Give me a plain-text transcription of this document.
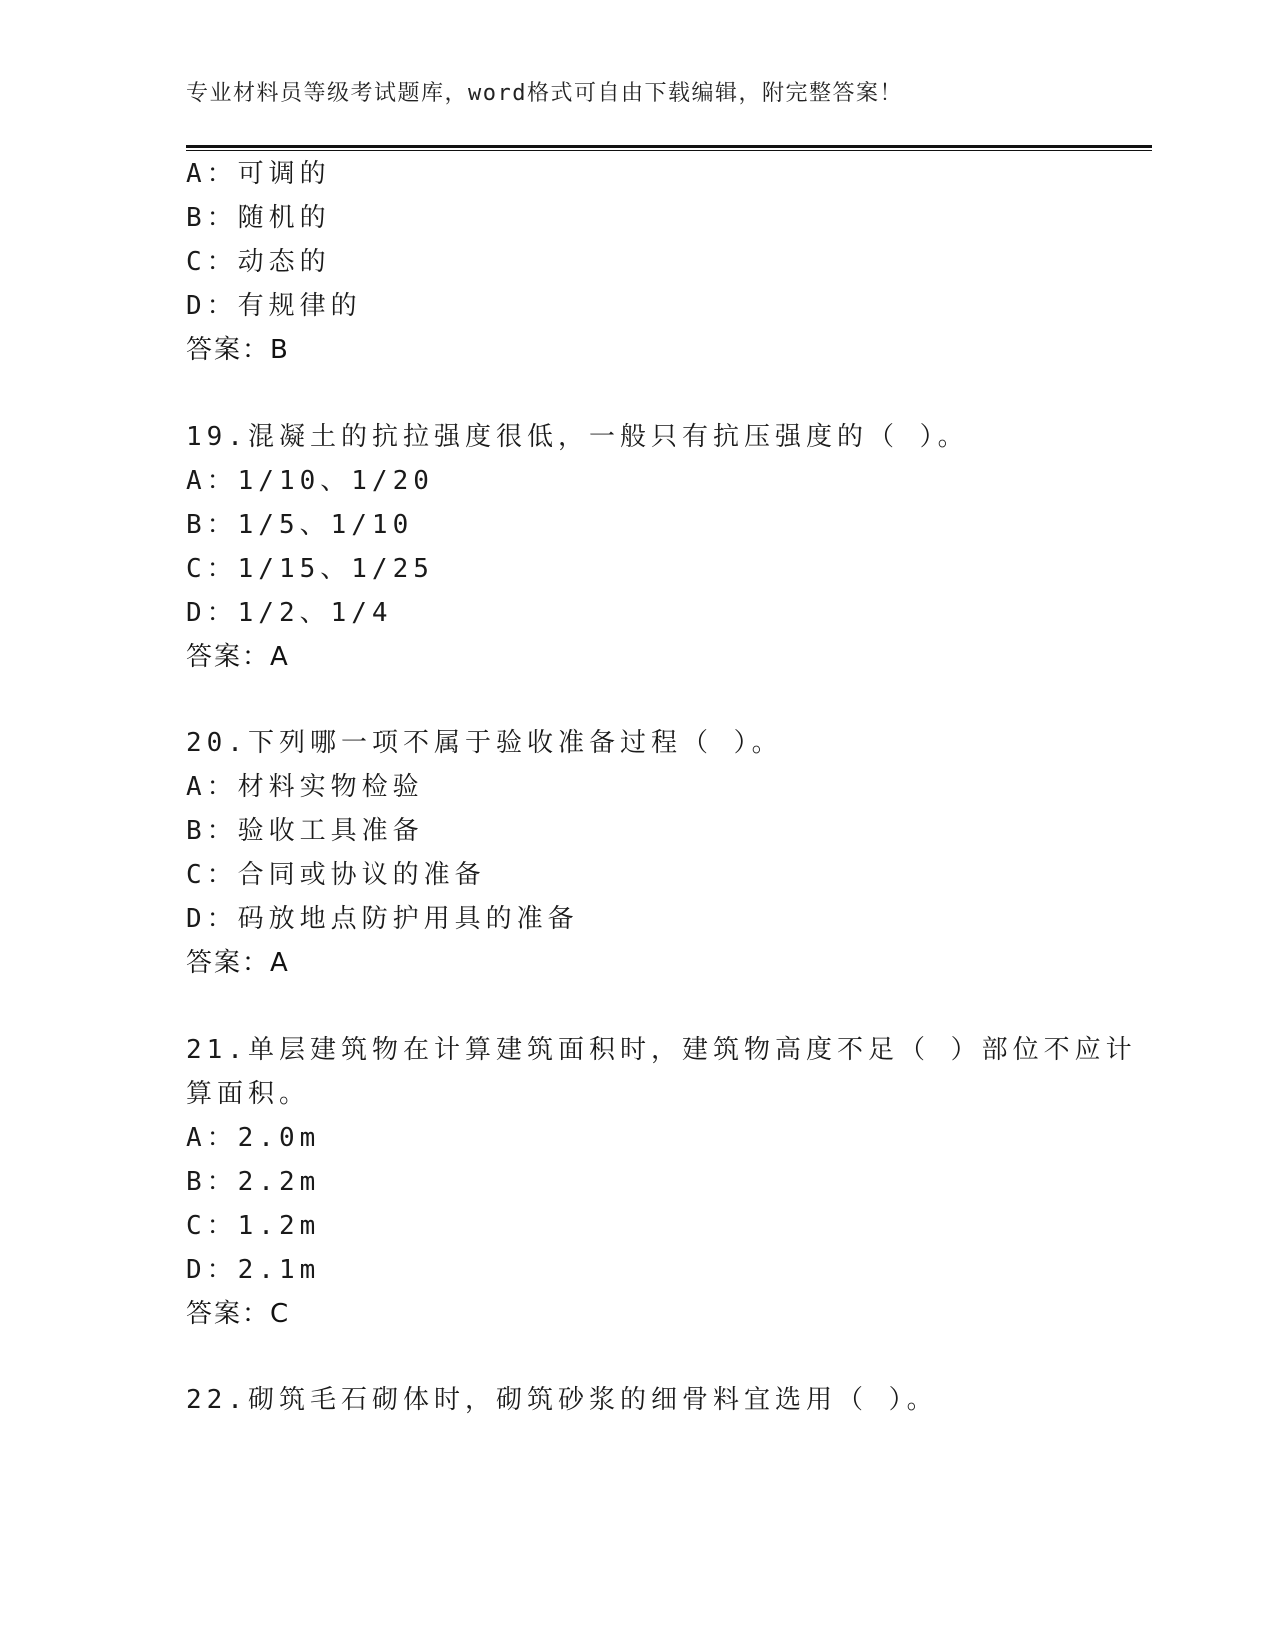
专业材料员等级考试题库，word格式可自由下载编辑，附完整答案！
A：可调的
B：随机的
C：动态的
D：有规律的
答案：B
19.混凝土的抗拉强度很低，一般只有抗压强度的（ ）。
A：1/10、1/20
B：1/5、1/10
C：1/15、1/25
D：1/2、1/4
答案：A
20.下列哪一项不属于验收准备过程（ ）。
A：材料实物检验
B：验收工具准备
C：合同或协议的准备
D：码放地点防护用具的准备
答案：A
21.单层建筑物在计算建筑面积时，建筑物高度不足（ ）部位不应计
算面积。
A：2.0m
B：2.2m
C：1.2m
D：2.1m
答案：C
22.砌筑毛石砌体时，砌筑砂浆的细骨料宜选用（ ）。
